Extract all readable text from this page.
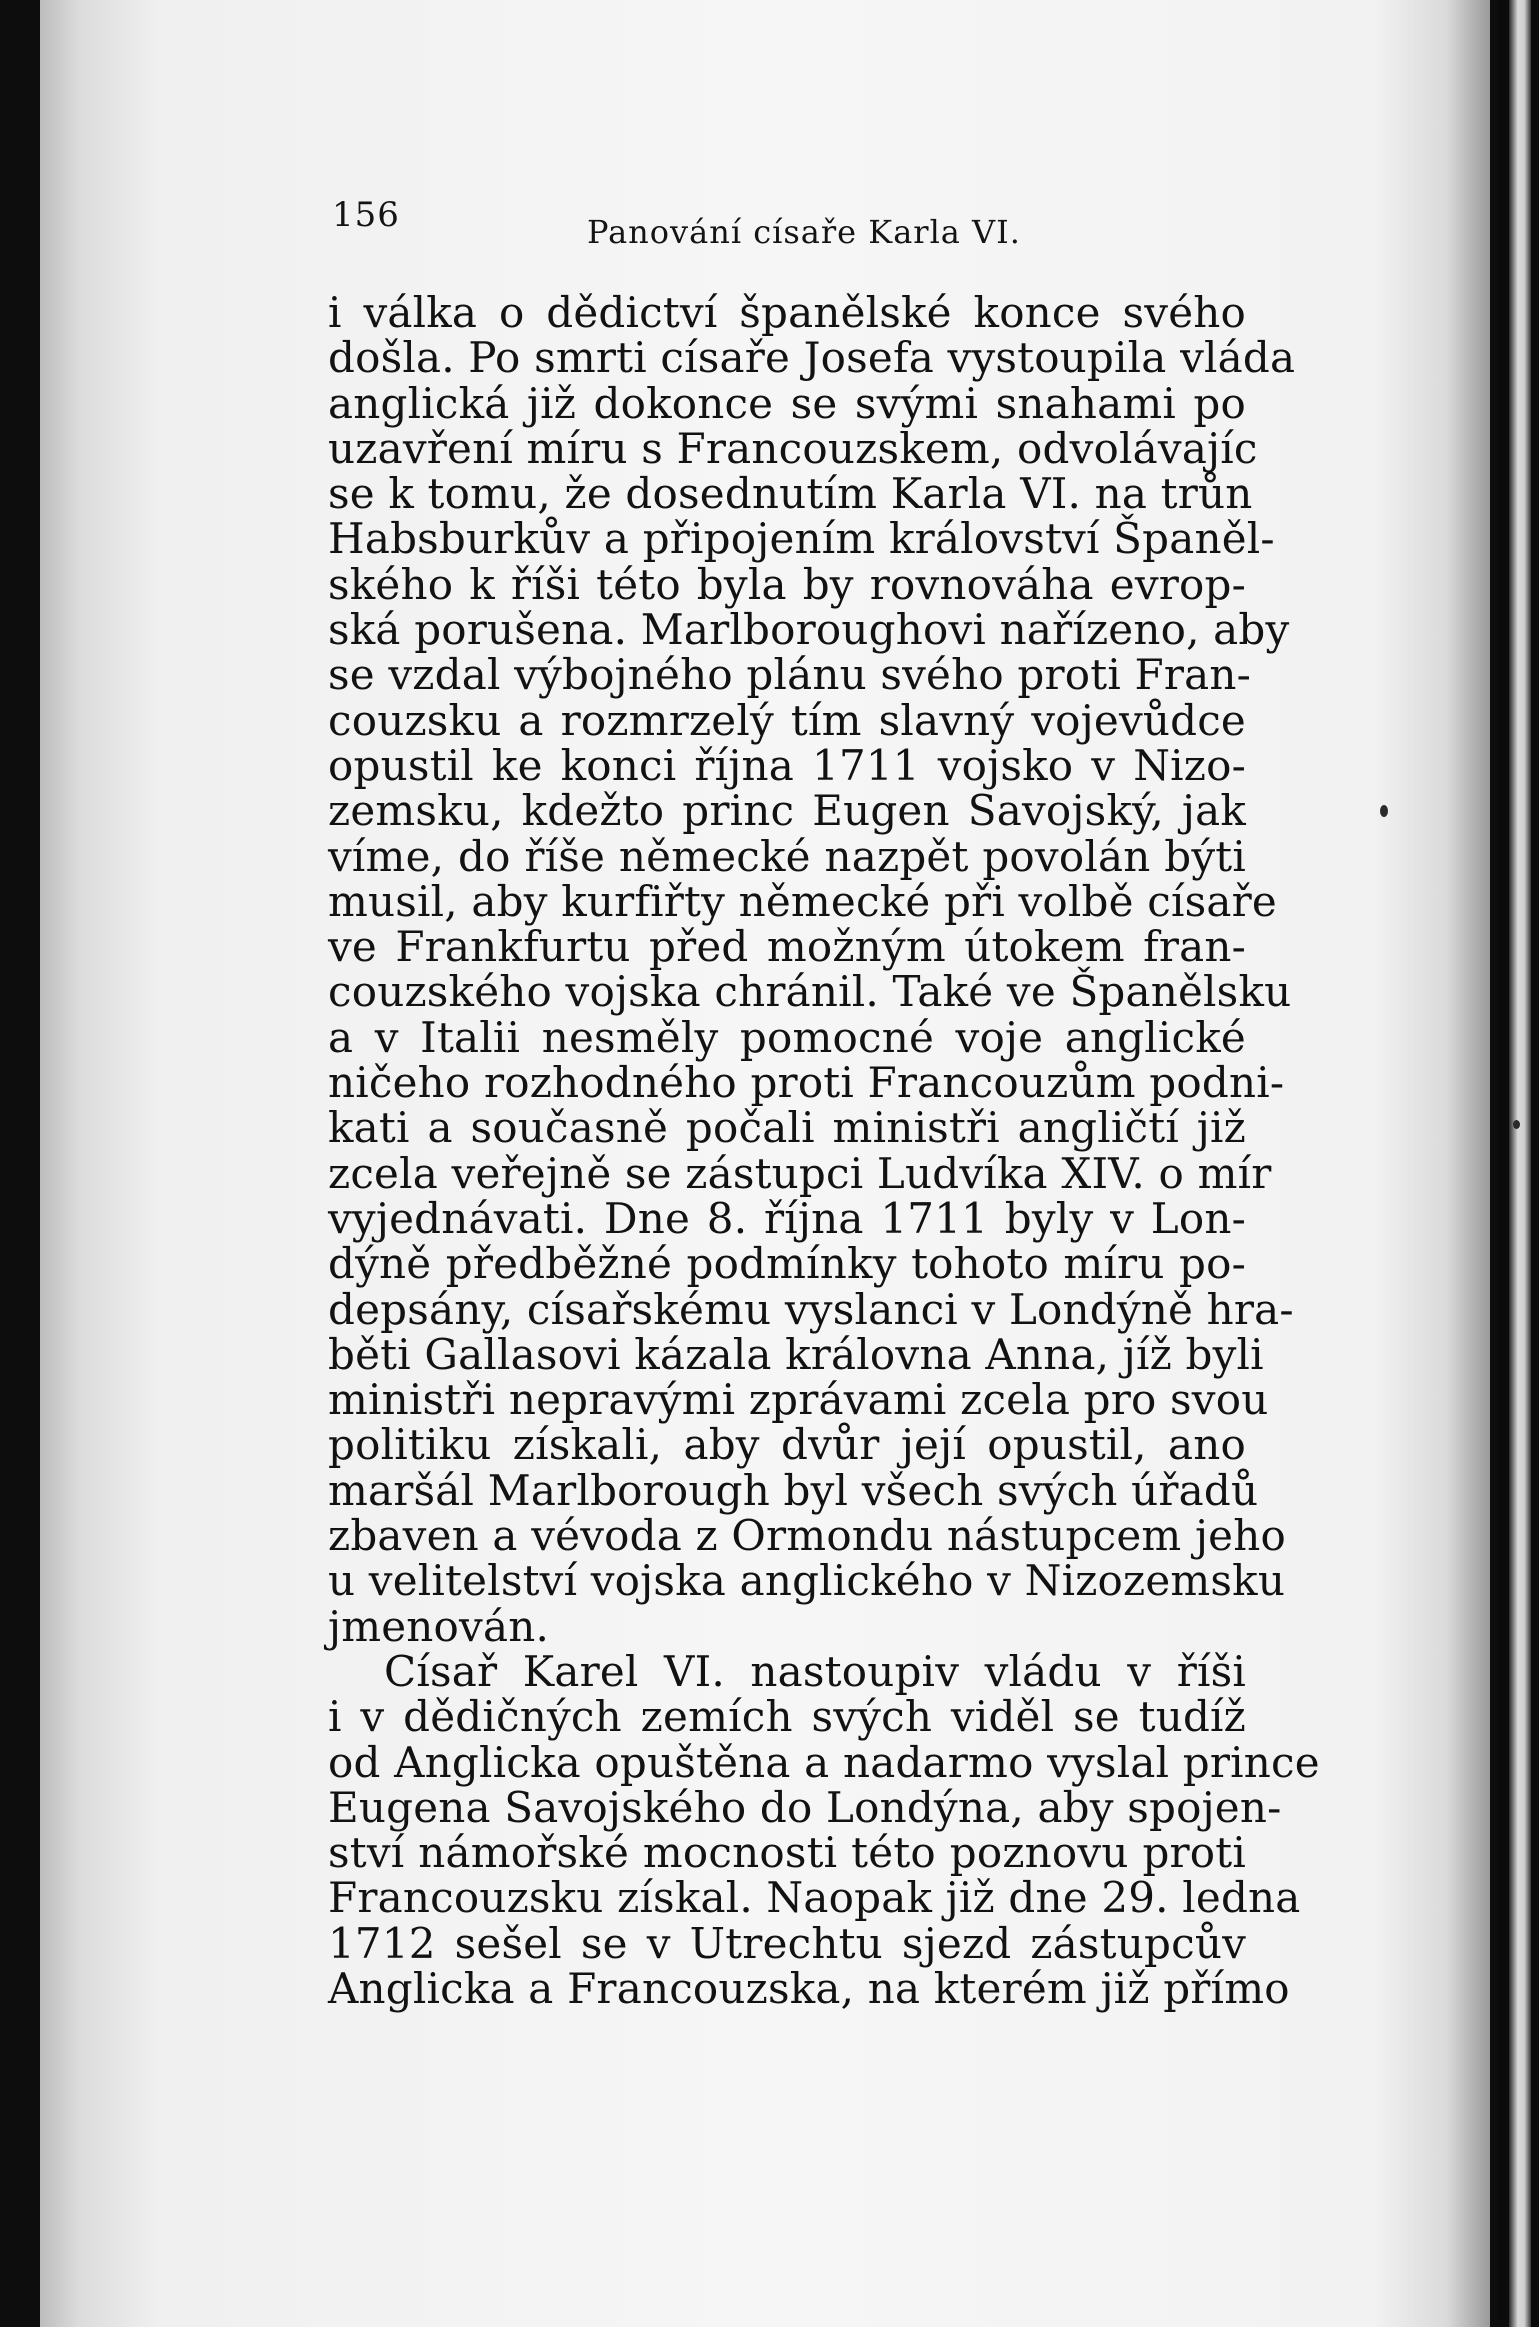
156	Panování císaře Karla VI.
i válka o dědictví španělské konce svého
došla. Po smrti císaře Josefa vystoupila vláda
anglická již dokonce se svými snahami po
uzavření míru s Francouzskem, odvolávajíc
se k tomu, že dosednutím Karla VI. na trůn
Habsburkův a připojením království Španěl-
ského k říši této byla by rovnováha evrop-
ská porušena. Marlboroughovi nařízeno, aby
se vzdal výbojného plánu svého proti Fran-
couzsku a rozmrzelý tím slavný vojevůdce
opustil ke konci října 1711 vojsko v Nizo-
zemsku, kdežto princ Eugen Savojský, jak
víme, do říše německé nazpět povolán býti
musil, aby kurfiřty německé při volbě císaře
ve Frankfurtu před možným útokem fran-
couzského vojska chránil. Také ve Španělsku
a v Italii nesměly pomocné voje anglické
ničeho rozhodného proti Francouzům podni-
kati a současně počali ministři angličtí již
zcela veřejně se zástupci Ludvíka XIV. o mír
vyjednávati. Dne 8. října 1711 byly v Lon-
dýně předběžné podmínky tohoto míru po-
depsány, císařskému vyslanci v Londýně hra-
běti Gallasovi kázala královna Anna, jíž byli
ministři nepravými zprávami zcela pro svou
politiku získali, aby dvůr její opustil, ano
maršál Marlborough byl všech svých úřadů
zbaven a vévoda z Ormondu nástupcem jeho
u velitelství vojska anglického v Nizozemsku
jmenován.
Císař Karel VI. nastoupiv vládu v říši
i v dědičných zemích svých viděl se tudíž
od Anglicka opuštěna a nadarmo vyslal prince
Eugena Savojského do Londýna, aby spojen-
ství námořské mocnosti této poznovu proti
Francouzsku získal. Naopak již dne 29. ledna
1712 sešel se v Utrechtu sjezd zástupcův
Anglicka a Francouzska, na kterém již přímo
